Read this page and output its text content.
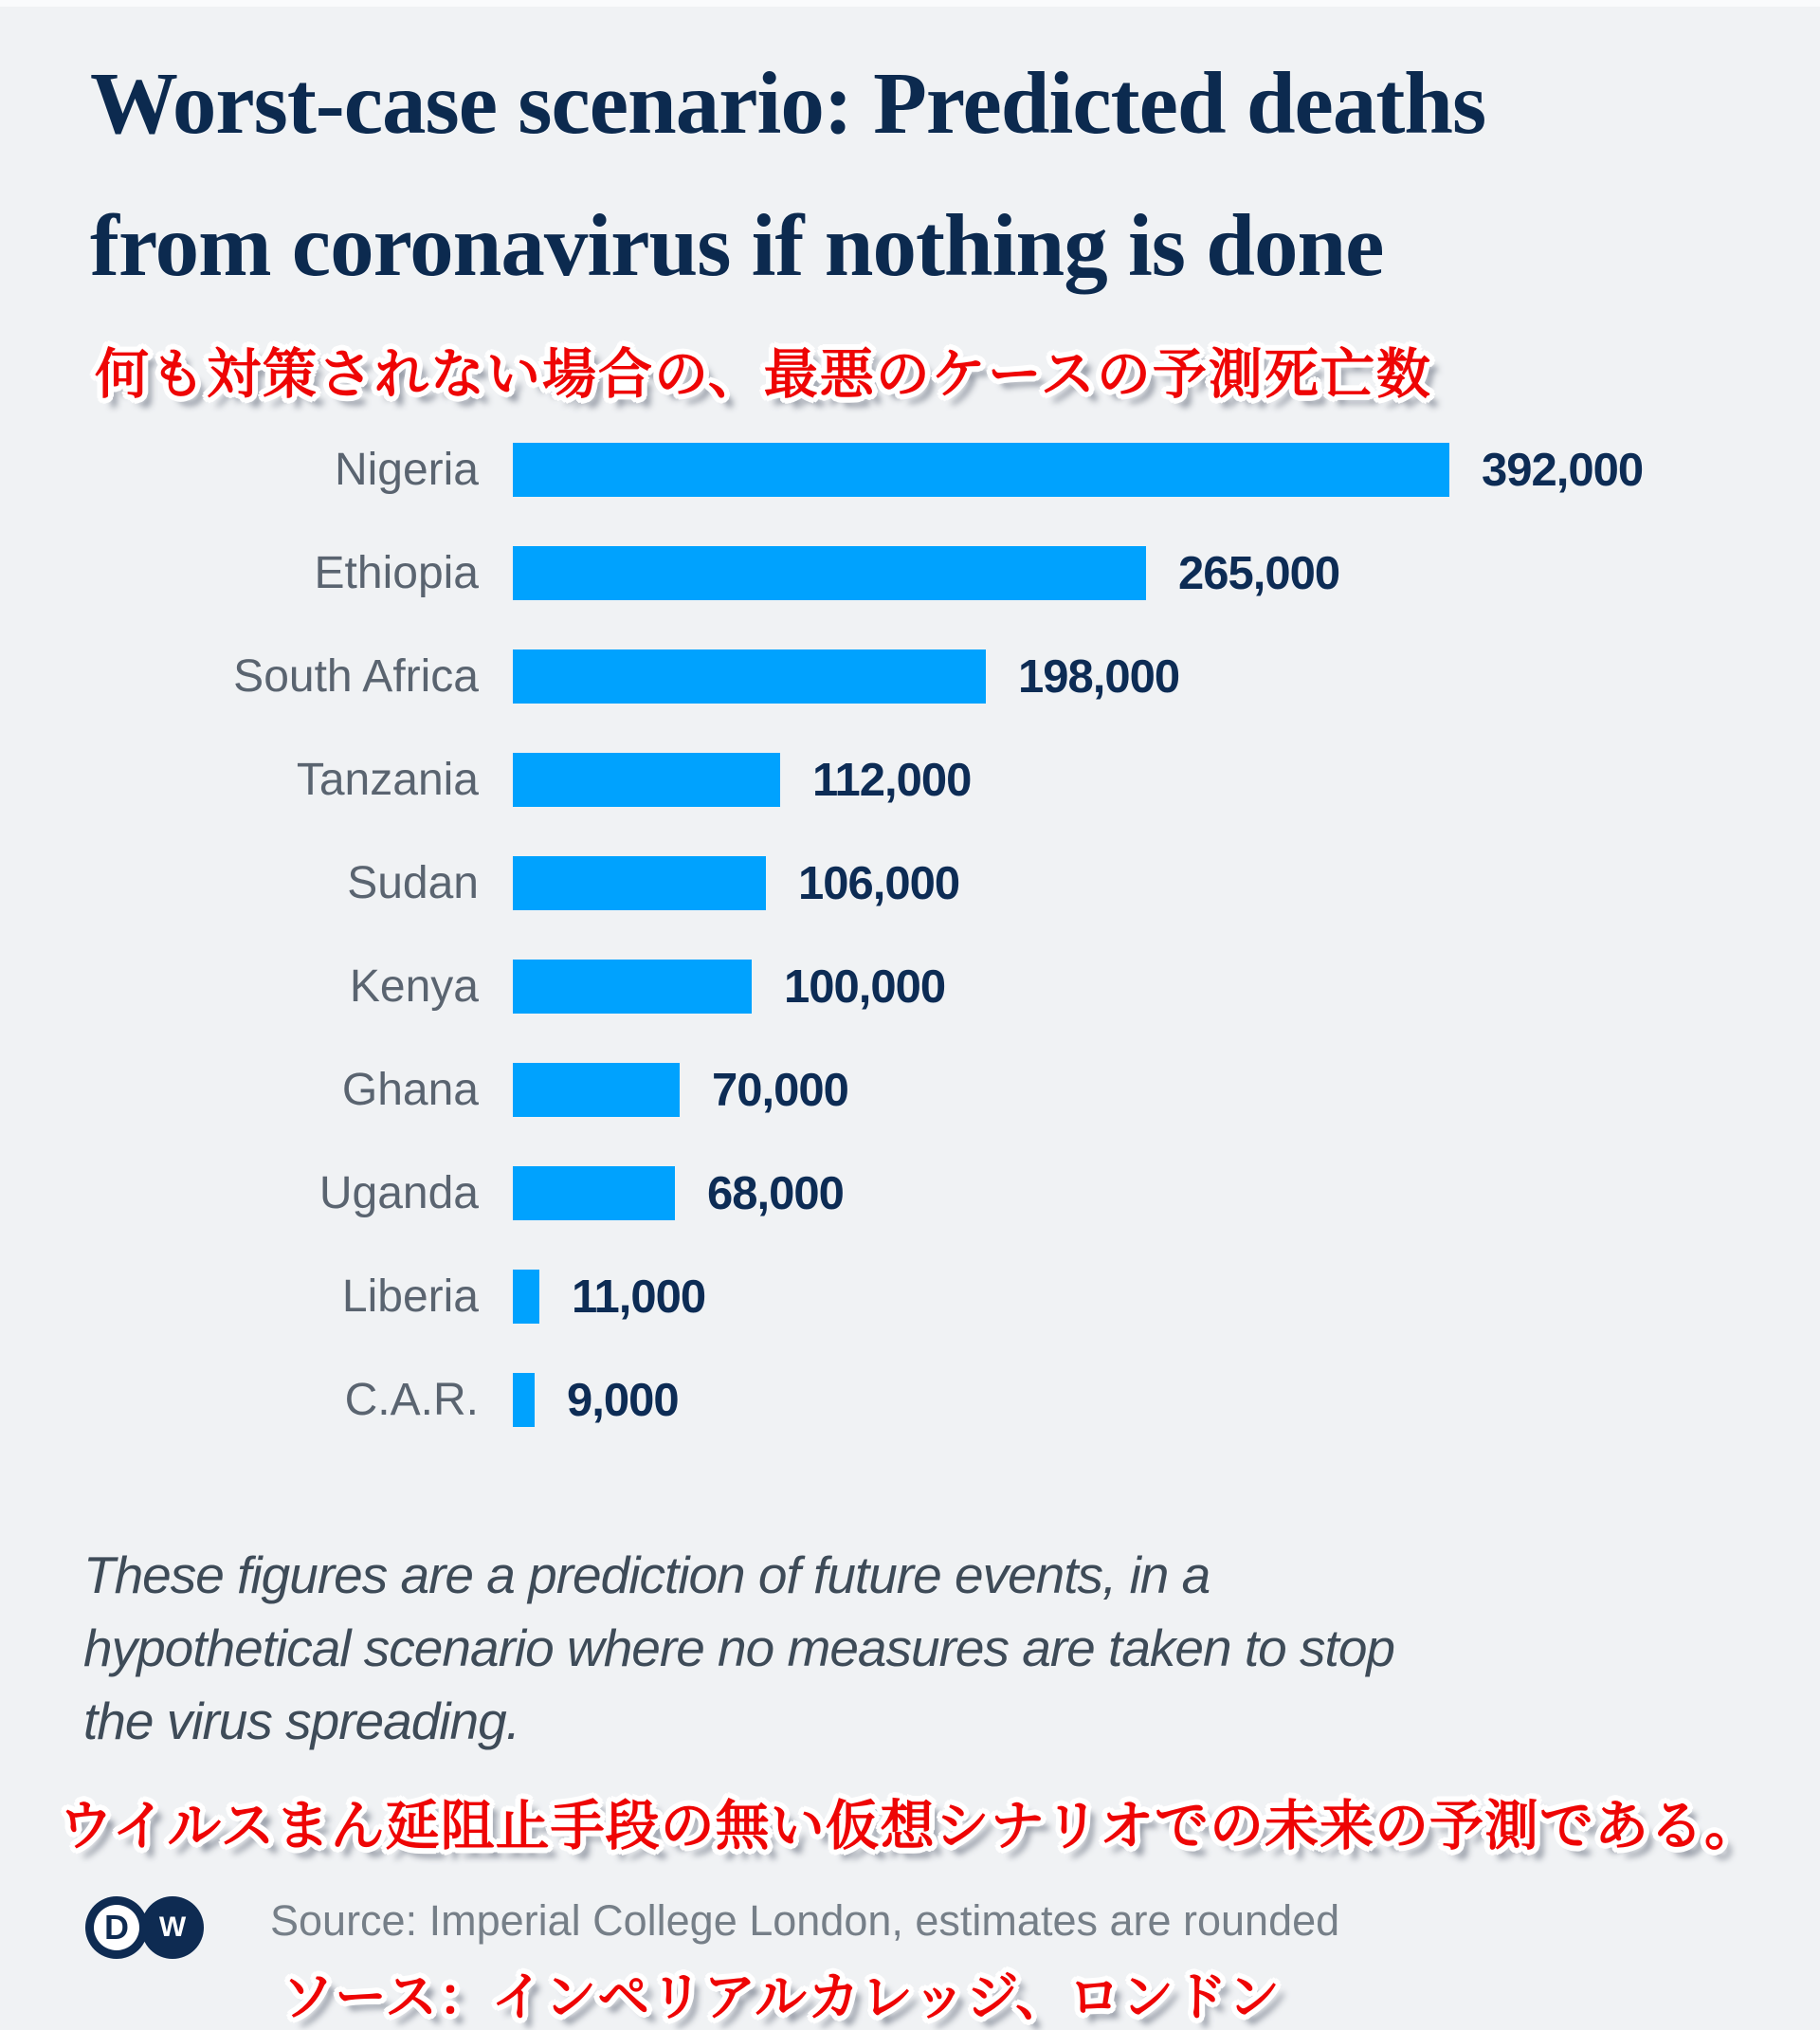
Worst-case scenario: Predicted deaths
from coronavirus if nothing is done
何も対策されない場合の、最悪のケースの予測死亡数
Nigeria	392,000
Ethiopia	265,000
South Africa	198,000
Tanzania	112,000
Sudan	106,000
Kenya	100,000
Ghana	70,000
Uganda	68,000
Liberia 11,000
C.A.R. 9,000
These figures are a prediction of future events, in a
hypothetical scenario where no measures are taken to stop
the virus spreading.
ウイルスまん延阻止手段の無い仮想シナリオでの未来の予測である。
D W Source: Imperial College London, estimates are rounded
ソース：インペリアルカレッジ、ロンドン
